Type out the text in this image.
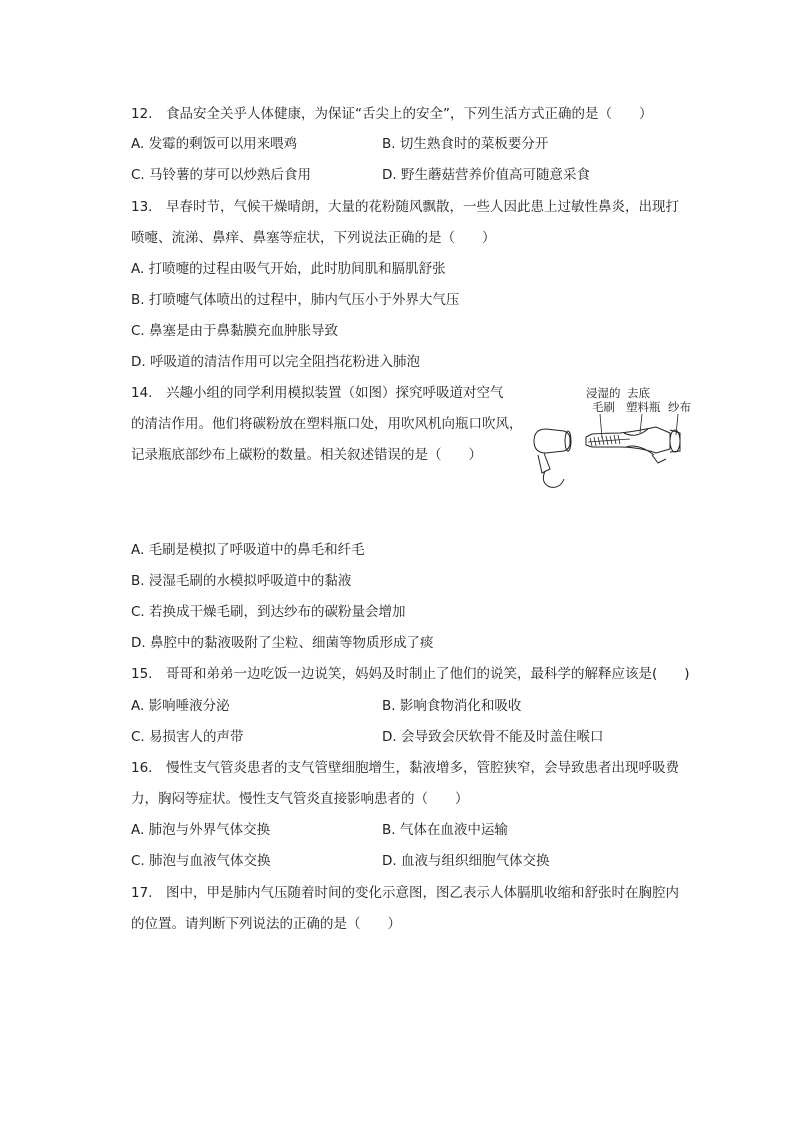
12.　食品安全关乎人体健康，为保证“舌尖上的安全”，下列生活方式正确的是（　　）
A. 发霉的剩饭可以用来喂鸡	B. 切生熟食时的菜板要分开
C. 马铃薯的芽可以炒熟后食用	D. 野生蘑菇营养价值高可随意采食
13.　早春时节，气候干燥晴朗，大量的花粉随风飘散，一些人因此患上过敏性鼻炎，出现打
喷嚏、流涕、鼻痒、鼻塞等症状，下列说法正确的是（　　）
A. 打喷嚏的过程由吸气开始，此时肋间肌和膈肌舒张
B. 打喷嚏气体喷出的过程中，肺内气压小于外界大气压
C. 鼻塞是由于鼻黏膜充血肿胀导致
D. 呼吸道的清洁作用可以完全阻挡花粉进入肺泡
14.　兴趣小组的同学利用模拟装置（如图）探究呼吸道对空气
的清洁作用。他们将碳粉放在塑料瓶口处，用吹风机向瓶口吹风，
记录瓶底部纱布上碳粉的数量。相关叙述错误的是（　　）
浸湿的
毛刷
去底
塑料瓶 纱布
A. 毛刷是模拟了呼吸道中的鼻毛和纤毛
B. 浸湿毛刷的水模拟呼吸道中的黏液
C. 若换成干燥毛刷，到达纱布的碳粉量会增加
D. 鼻腔中的黏液吸附了尘粒、细菌等物质形成了痰
15.　哥哥和弟弟一边吃饭一边说笑，妈妈及时制止了他们的说笑，最科学的解释应该是(　　)
A. 影响唾液分泌	B. 影响食物消化和吸收
C. 易损害人的声带	D. 会导致会厌软骨不能及时盖住喉口
16.　慢性支气管炎患者的支气管壁细胞增生，黏液增多，管腔狭窄，会导致患者出现呼吸费
力，胸闷等症状。慢性支气管炎直接影响患者的（　　）
A. 肺泡与外界气体交换	B. 气体在血液中运输
C. 肺泡与血液气体交换	D. 血液与组织细胞气体交换
17.　图中，甲是肺内气压随着时间的变化示意图，图乙表示人体膈肌收缩和舒张时在胸腔内
的位置。请判断下列说法的正确的是（　　）
